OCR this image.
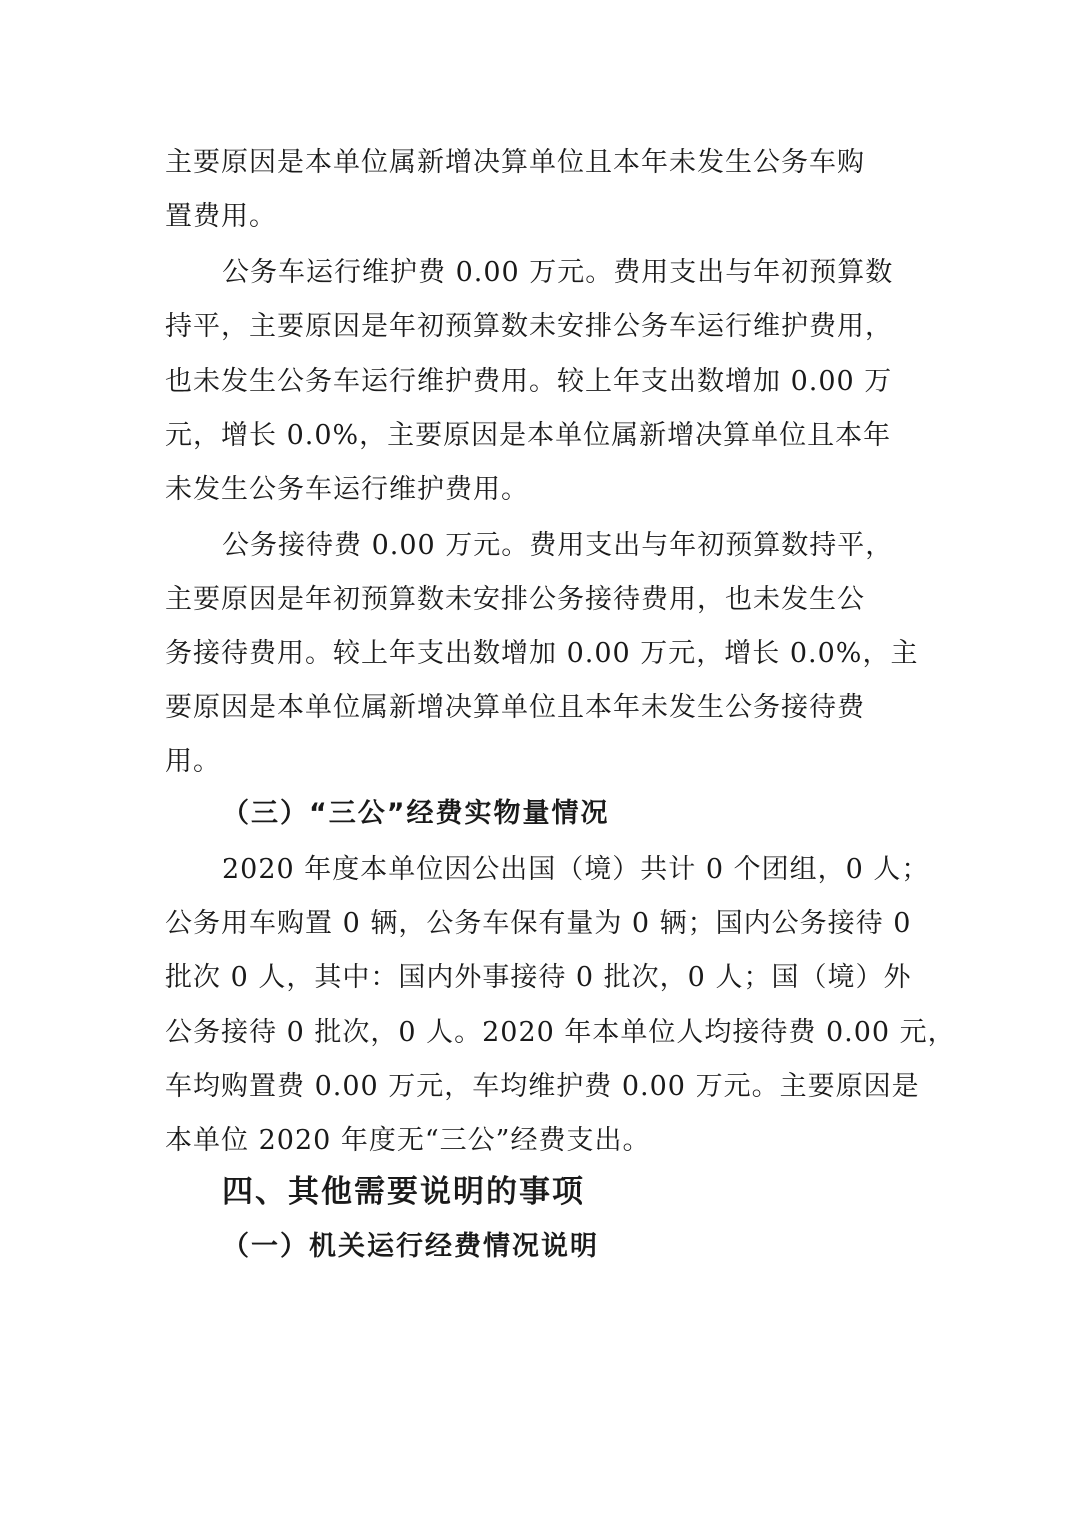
主要原因是本单位属新增决算单位且本年未发生公务车购
置费用。
公务车运行维护费 0.00 万元。费用支出与年初预算数
持平，主要原因是年初预算数未安排公务车运行维护费用，
也未发生公务车运行维护费用。较上年支出数增加 0.00 万
元，增长 0.0%，主要原因是本单位属新增决算单位且本年
未发生公务车运行维护费用。
公务接待费 0.00 万元。费用支出与年初预算数持平，
主要原因是年初预算数未安排公务接待费用，也未发生公
务接待费用。较上年支出数增加 0.00 万元，增长 0.0%，主
要原因是本单位属新增决算单位且本年未发生公务接待费
用。
（三）“三公”经费实物量情况
2020 年度本单位因公出国（境）共计 0 个团组，0 人；
公务用车购置 0 辆，公务车保有量为 0 辆；国内公务接待 0
批次 0 人，其中：国内外事接待 0 批次，0 人；国（境）外
公务接待 0 批次，0 人。2020 年本单位人均接待费 0.00 元，
车均购置费 0.00 万元，车均维护费 0.00 万元。主要原因是
本单位 2020 年度无“三公”经费支出。
四、其他需要说明的事项
（一）机关运行经费情况说明
